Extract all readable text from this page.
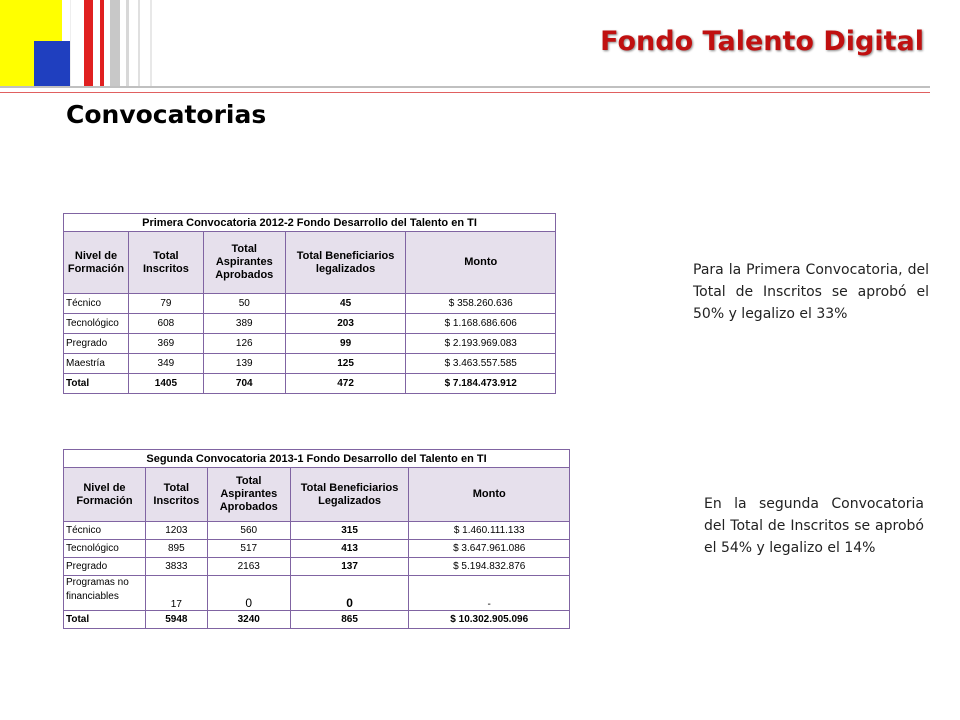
Fondo Talento Digital
Convocatorias
Primera Convocatoria 2012-2 Fondo Desarrollo del Talento en TI				
Nivel de Formación	Total Inscritos	Total Aspirantes Aprobados	Total Beneficiarios legalizados	Monto
Técnico	79	50	45	$ 358.260.636
Tecnológico	608	389	203	$ 1.168.686.606
Pregrado	369	126	99	$ 2.193.969.083
Maestría	349	139	125	$ 3.463.557.585
Total	1405	704	472	$ 7.184.473.912
Segunda Convocatoria 2013-1 Fondo Desarrollo del Talento en TI				
Nivel de Formación	Total Inscritos	Total Aspirantes Aprobados	Total Beneficiarios Legalizados	Monto
Técnico	1203	560	315	$ 1.460.111.133
Tecnológico	895	517	413	$ 3.647.961.086
Pregrado	3833	2163	137	$ 5.194.832.876
Programas no financiables	17	0	0	-
Total	5948	3240	865	$ 10.302.905.096
Para la Primera Convocatoria, del Total de Inscritos se aprobó el 50% y legalizo el 33%
En la segunda Convocatoria del Total de Inscritos se aprobó el 54% y legalizo el 14%
